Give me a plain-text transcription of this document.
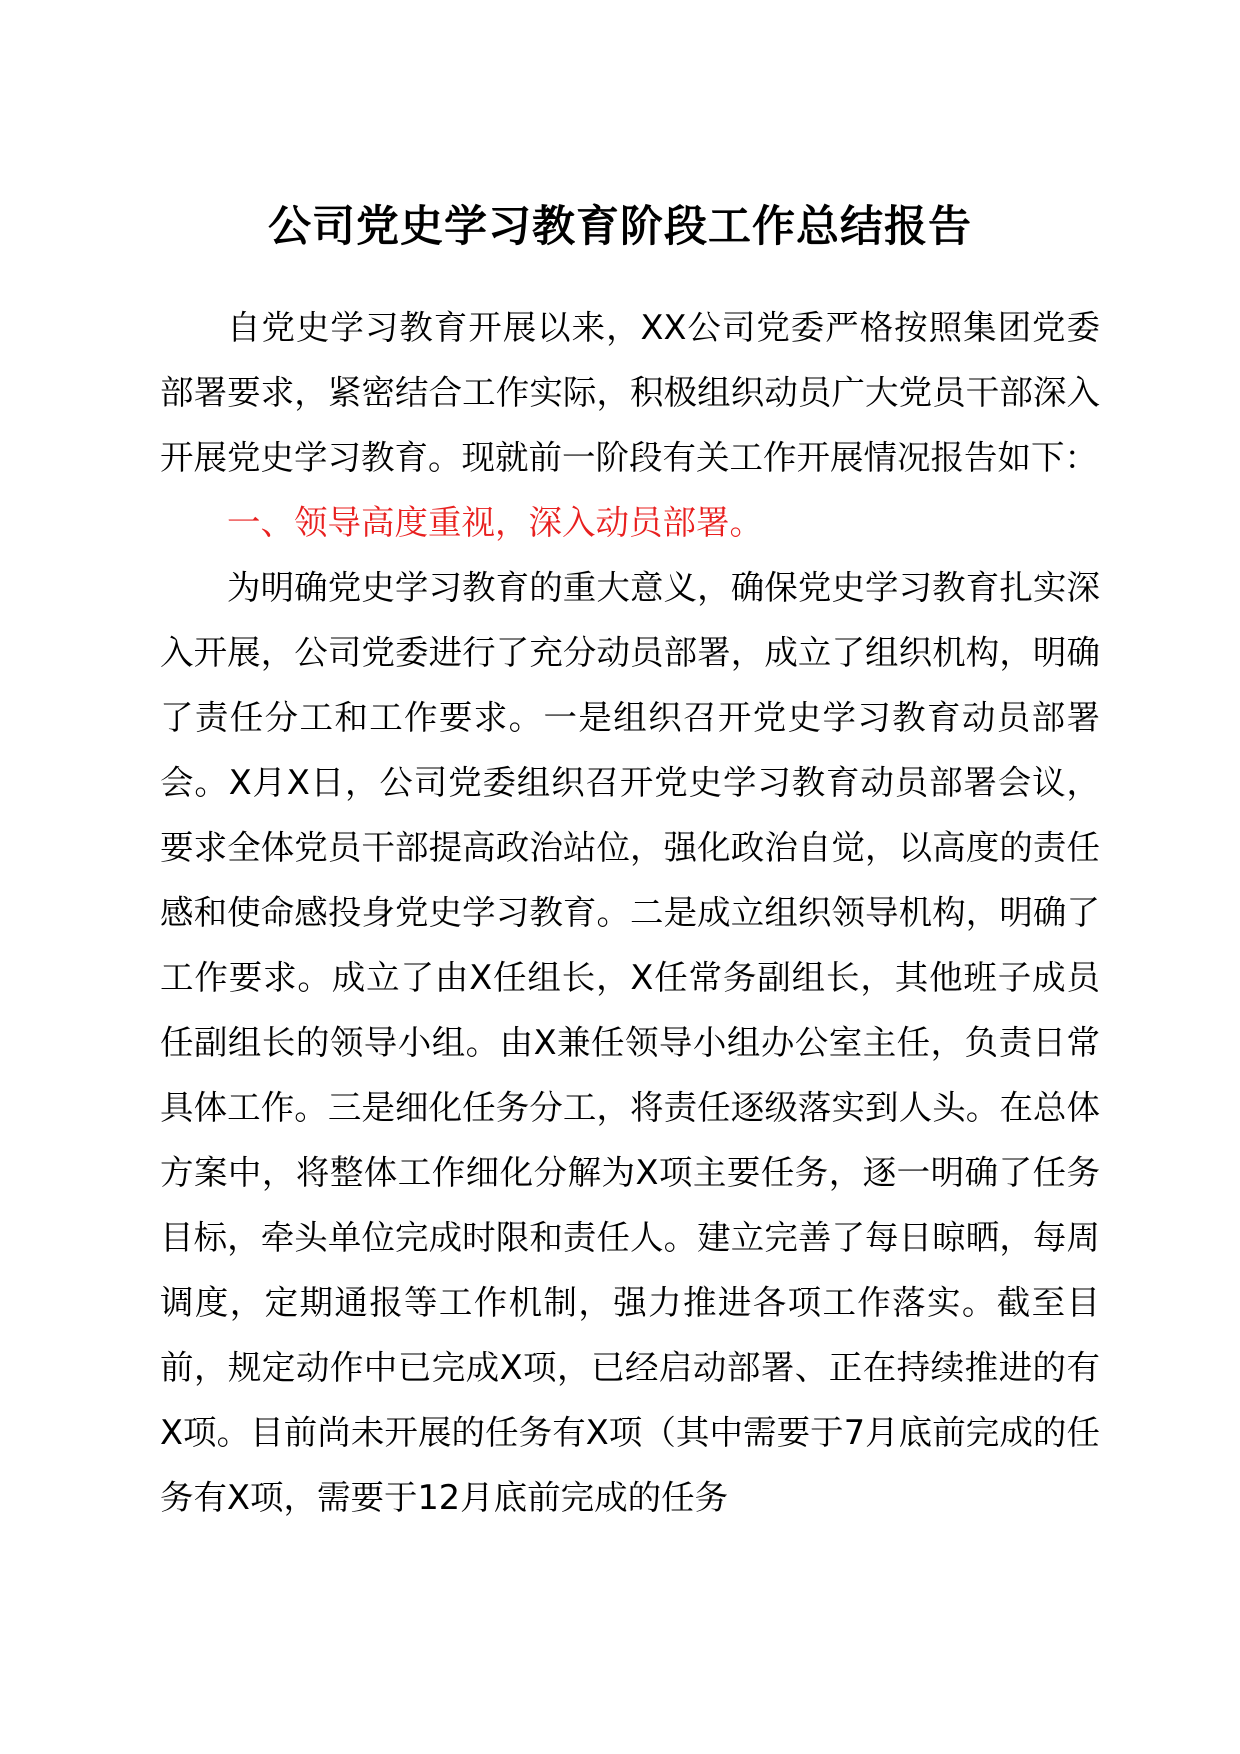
公司党史学习教育阶段工作总结报告

自党史学习教育开展以来，XX公司党委严格按照集团党委部署要求，紧密结合工作实际，积极组织动员广大党员干部深入开展党史学习教育。现就前一阶段有关工作开展情况报告如下：

一、领导高度重视，深入动员部署。

为明确党史学习教育的重大意义，确保党史学习教育扎实深入开展，公司党委进行了充分动员部署，成立了组织机构，明确了责任分工和工作要求。一是组织召开党史学习教育动员部署会。X月X日，公司党委组织召开党史学习教育动员部署会议，要求全体党员干部提高政治站位，强化政治自觉，以高度的责任感和使命感投身党史学习教育。二是成立组织领导机构，明确了工作要求。成立了由X任组长，X任常务副组长，其他班子成员任副组长的领导小组。由X兼任领导小组办公室主任，负责日常具体工作。三是细化任务分工，将责任逐级落实到人头。在总体方案中，将整体工作细化分解为X项主要任务，逐一明确了任务目标，牵头单位完成时限和责任人。建立完善了每日晾晒，每周调度，定期通报等工作机制，强力推进各项工作落实。截至目前，规定动作中已完成X项，已经启动部署、正在持续推进的有X项。目前尚未开展的任务有X项（其中需要于7月底前完成的任务有X项，需要于12月底前完成的任务
